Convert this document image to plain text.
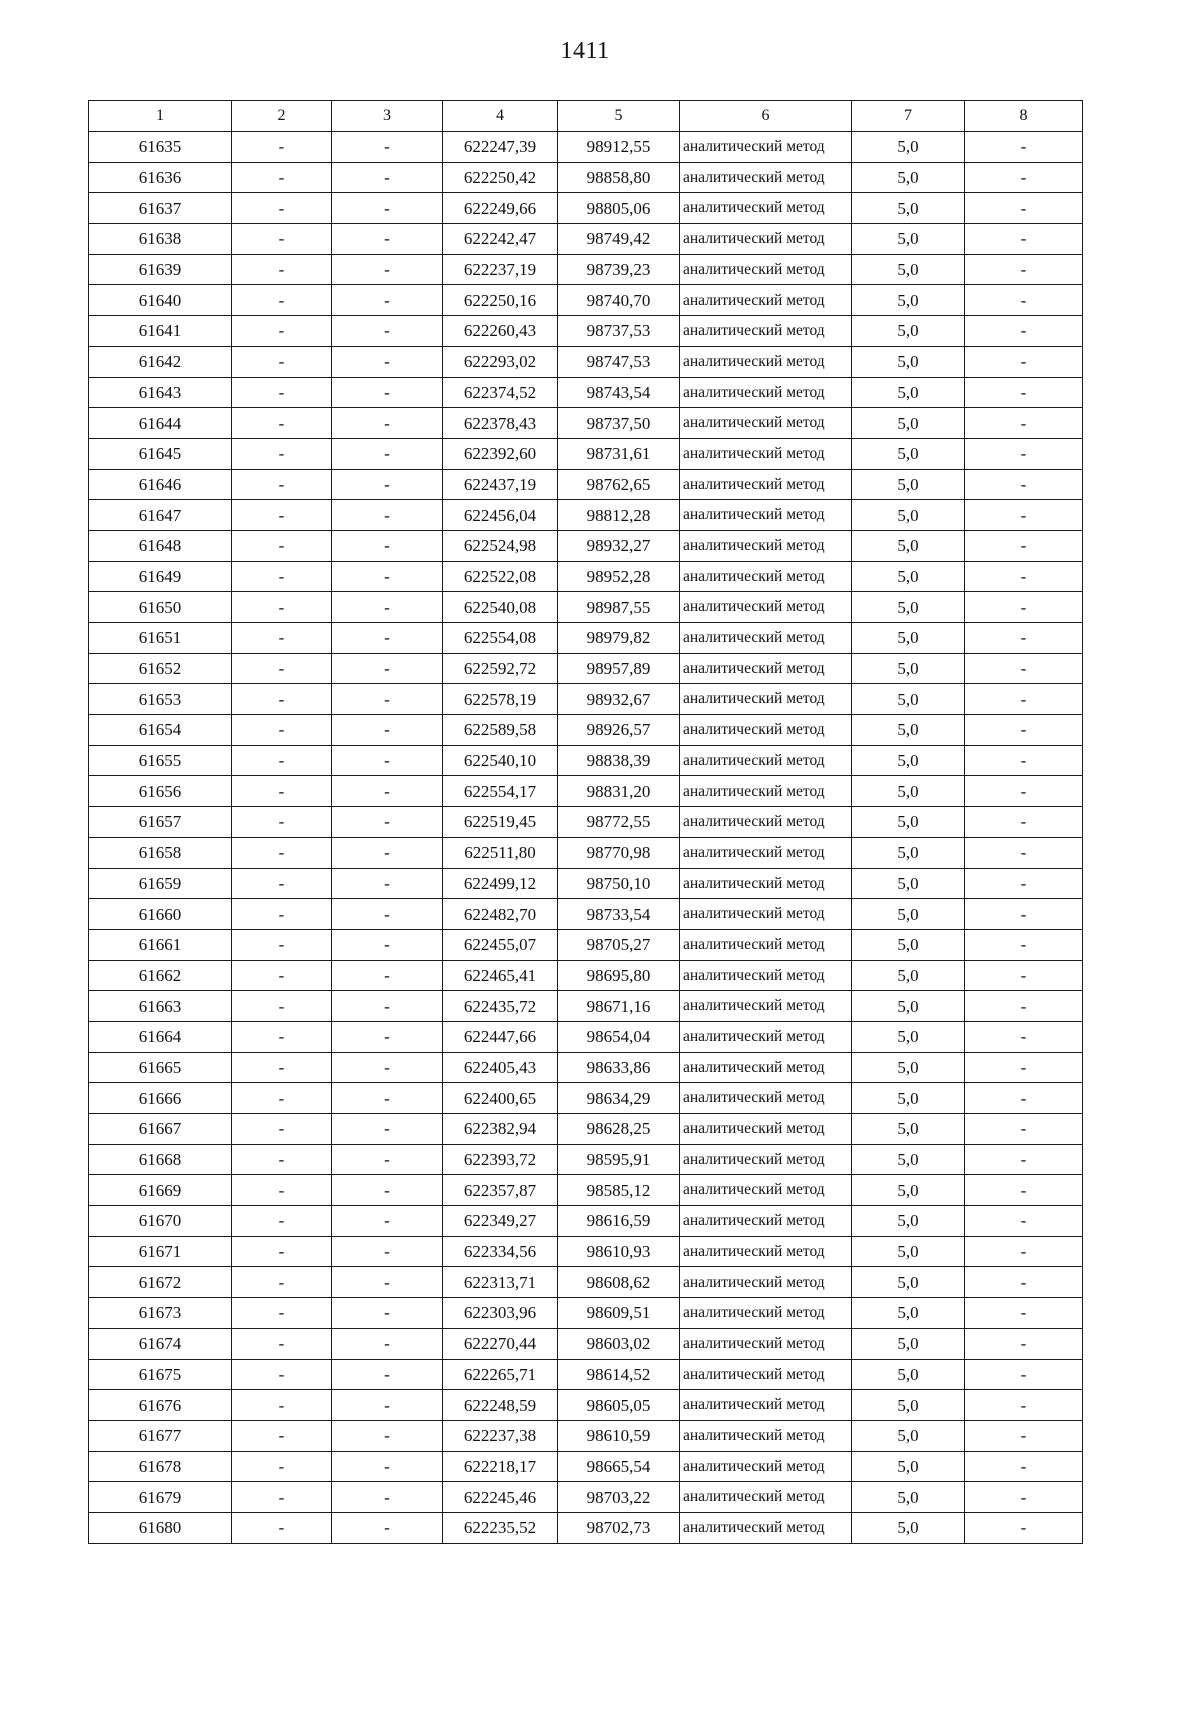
1411
1	2	3	4	5	6	7	8
61635	-	-	622247,39	98912,55	аналитический метод	5,0	-
61636	-	-	622250,42	98858,80	аналитический метод	5,0	-
61637	-	-	622249,66	98805,06	аналитический метод	5,0	-
61638	-	-	622242,47	98749,42	аналитический метод	5,0	-
61639	-	-	622237,19	98739,23	аналитический метод	5,0	-
61640	-	-	622250,16	98740,70	аналитический метод	5,0	-
61641	-	-	622260,43	98737,53	аналитический метод	5,0	-
61642	-	-	622293,02	98747,53	аналитический метод	5,0	-
61643	-	-	622374,52	98743,54	аналитический метод	5,0	-
61644	-	-	622378,43	98737,50	аналитический метод	5,0	-
61645	-	-	622392,60	98731,61	аналитический метод	5,0	-
61646	-	-	622437,19	98762,65	аналитический метод	5,0	-
61647	-	-	622456,04	98812,28	аналитический метод	5,0	-
61648	-	-	622524,98	98932,27	аналитический метод	5,0	-
61649	-	-	622522,08	98952,28	аналитический метод	5,0	-
61650	-	-	622540,08	98987,55	аналитический метод	5,0	-
61651	-	-	622554,08	98979,82	аналитический метод	5,0	-
61652	-	-	622592,72	98957,89	аналитический метод	5,0	-
61653	-	-	622578,19	98932,67	аналитический метод	5,0	-
61654	-	-	622589,58	98926,57	аналитический метод	5,0	-
61655	-	-	622540,10	98838,39	аналитический метод	5,0	-
61656	-	-	622554,17	98831,20	аналитический метод	5,0	-
61657	-	-	622519,45	98772,55	аналитический метод	5,0	-
61658	-	-	622511,80	98770,98	аналитический метод	5,0	-
61659	-	-	622499,12	98750,10	аналитический метод	5,0	-
61660	-	-	622482,70	98733,54	аналитический метод	5,0	-
61661	-	-	622455,07	98705,27	аналитический метод	5,0	-
61662	-	-	622465,41	98695,80	аналитический метод	5,0	-
61663	-	-	622435,72	98671,16	аналитический метод	5,0	-
61664	-	-	622447,66	98654,04	аналитический метод	5,0	-
61665	-	-	622405,43	98633,86	аналитический метод	5,0	-
61666	-	-	622400,65	98634,29	аналитический метод	5,0	-
61667	-	-	622382,94	98628,25	аналитический метод	5,0	-
61668	-	-	622393,72	98595,91	аналитический метод	5,0	-
61669	-	-	622357,87	98585,12	аналитический метод	5,0	-
61670	-	-	622349,27	98616,59	аналитический метод	5,0	-
61671	-	-	622334,56	98610,93	аналитический метод	5,0	-
61672	-	-	622313,71	98608,62	аналитический метод	5,0	-
61673	-	-	622303,96	98609,51	аналитический метод	5,0	-
61674	-	-	622270,44	98603,02	аналитический метод	5,0	-
61675	-	-	622265,71	98614,52	аналитический метод	5,0	-
61676	-	-	622248,59	98605,05	аналитический метод	5,0	-
61677	-	-	622237,38	98610,59	аналитический метод	5,0	-
61678	-	-	622218,17	98665,54	аналитический метод	5,0	-
61679	-	-	622245,46	98703,22	аналитический метод	5,0	-
61680	-	-	622235,52	98702,73	аналитический метод	5,0	-
